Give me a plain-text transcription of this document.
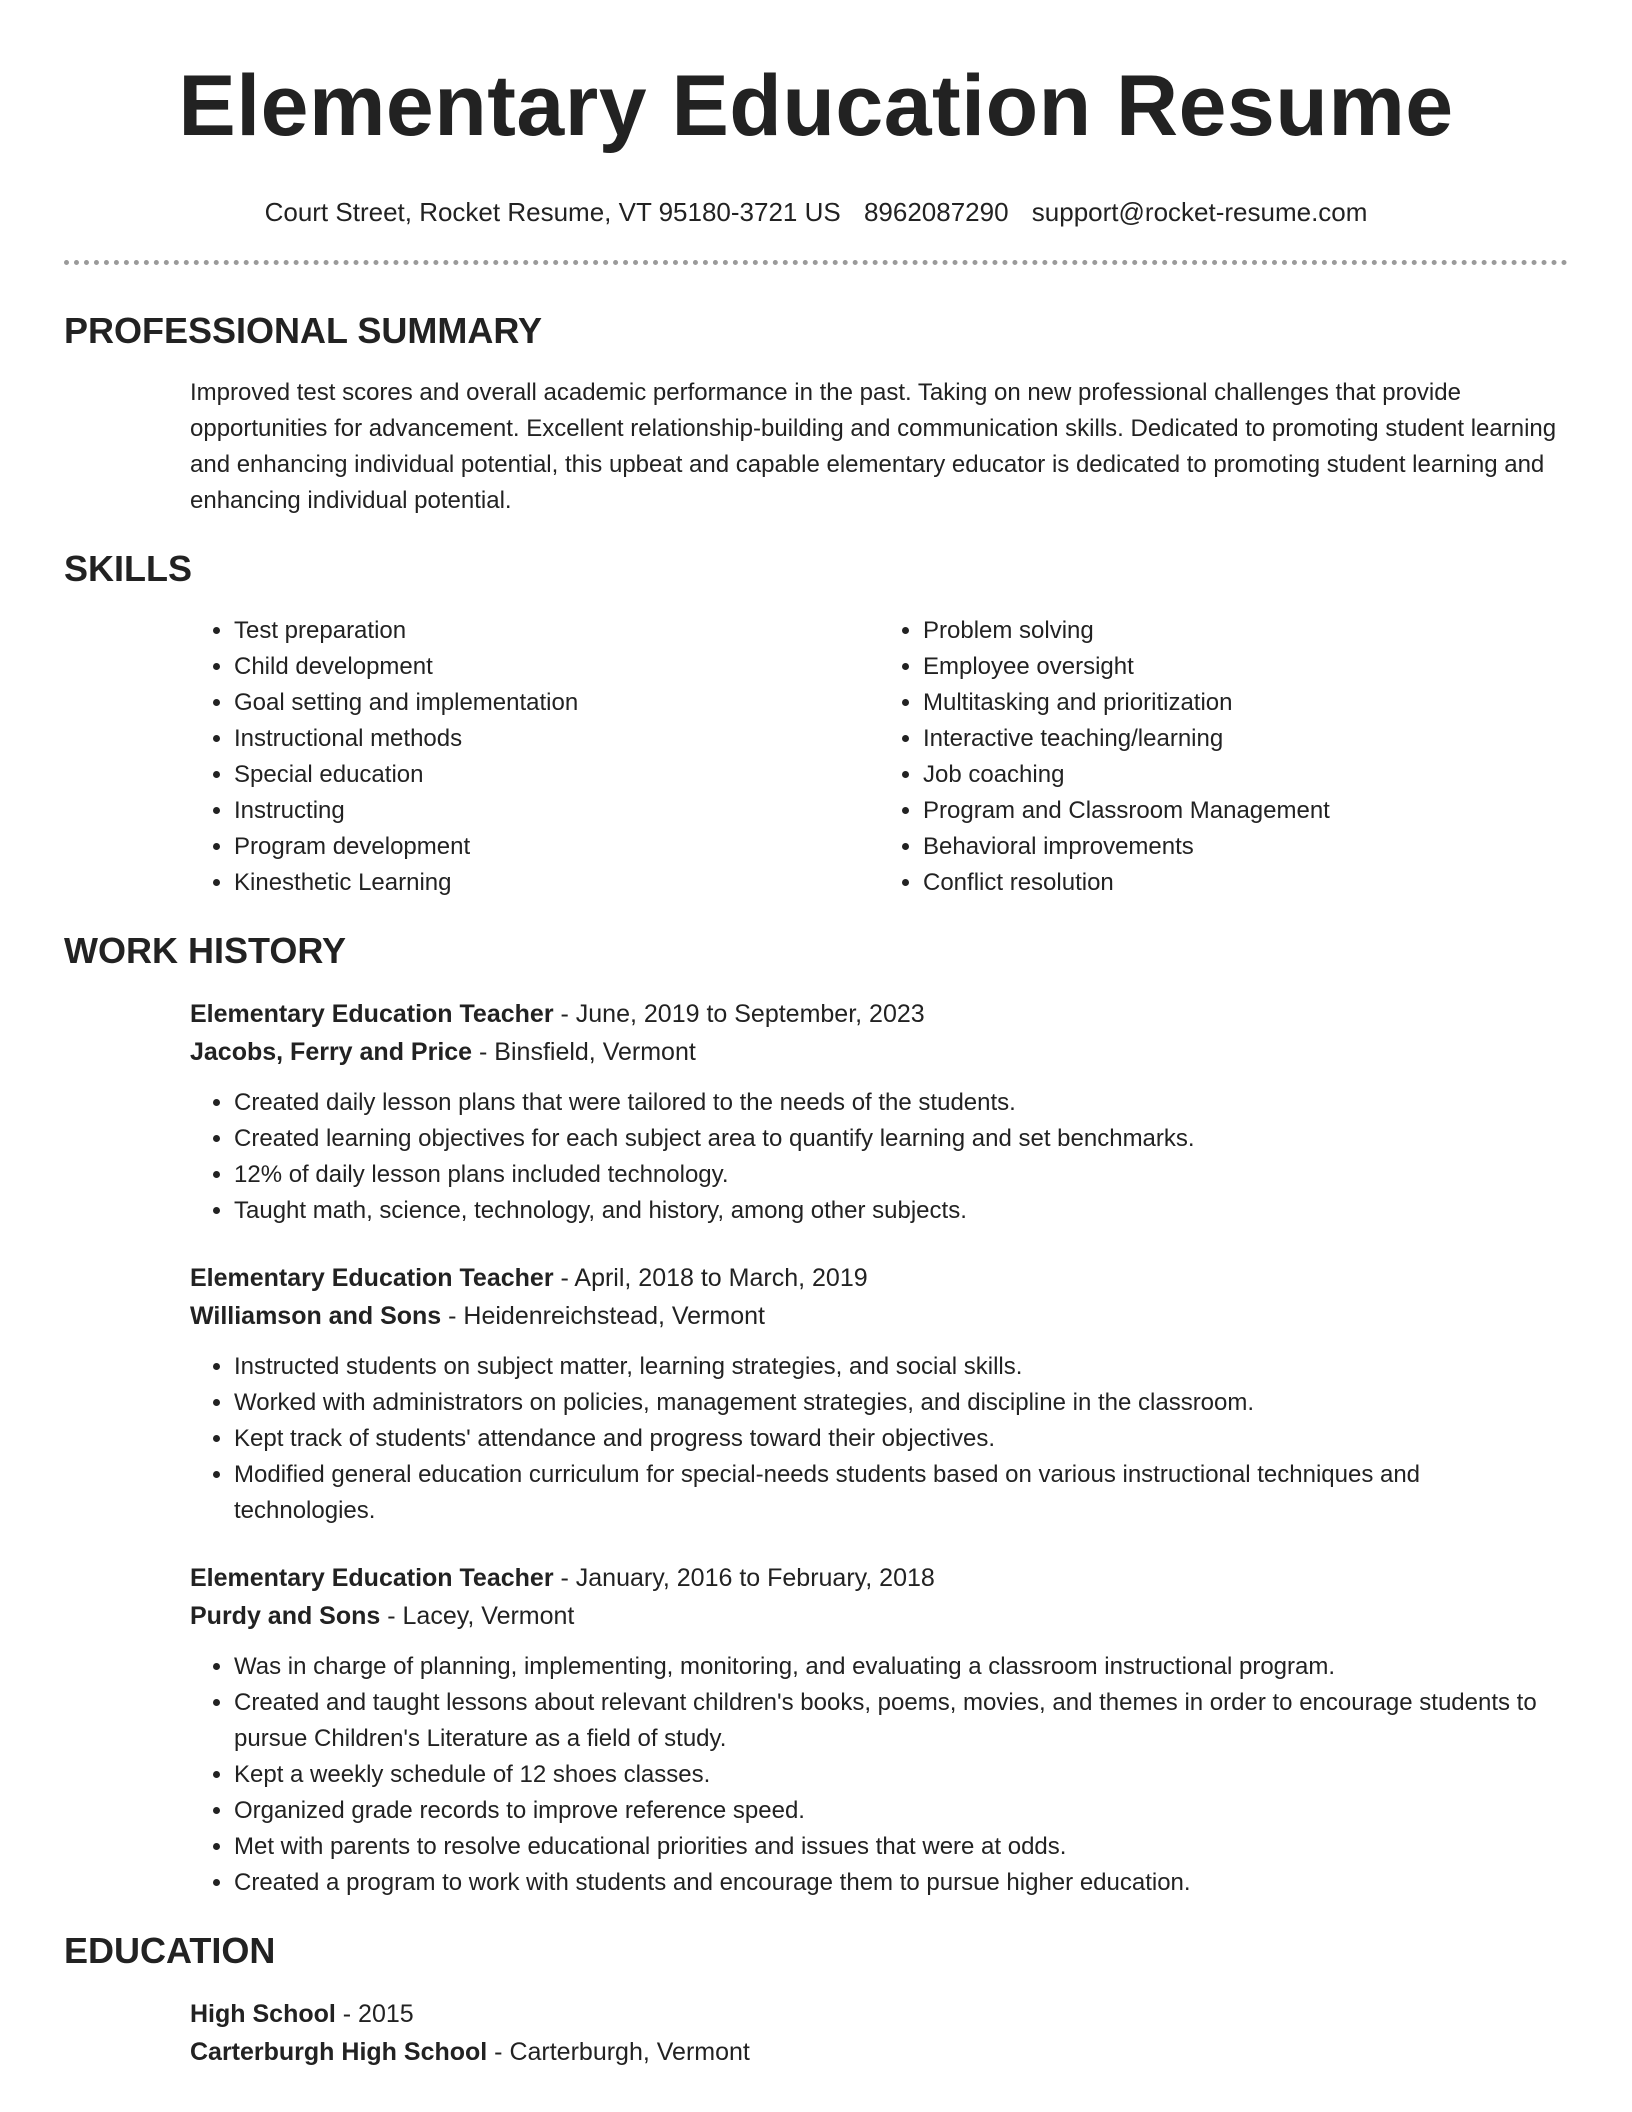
Elementary Education Resume
Court Street, Rocket Resume, VT 95180-3721 US 8962087290 support@rocket-resume.com
PROFESSIONAL SUMMARY
Improved test scores and overall academic performance in the past. Taking on new professional challenges that provide opportunities for advancement. Excellent relationship-building and communication skills. Dedicated to promoting student learning and enhancing individual potential, this upbeat and capable elementary educator is dedicated to promoting student learning and enhancing individual potential.
SKILLS
• Test preparation
• Child development
• Goal setting and implementation
• Instructional methods
• Special education
• Instructing
• Program development
• Kinesthetic Learning
• Problem solving
• Employee oversight
• Multitasking and prioritization
• Interactive teaching/learning
• Job coaching
• Program and Classroom Management
• Behavioral improvements
• Conflict resolution
WORK HISTORY
Elementary Education Teacher - June, 2019 to September, 2023
Jacobs, Ferry and Price - Binsfield, Vermont
• Created daily lesson plans that were tailored to the needs of the students.
• Created learning objectives for each subject area to quantify learning and set benchmarks.
• 12% of daily lesson plans included technology.
• Taught math, science, technology, and history, among other subjects.
Elementary Education Teacher - April, 2018 to March, 2019
Williamson and Sons - Heidenreichstead, Vermont
• Instructed students on subject matter, learning strategies, and social skills.
• Worked with administrators on policies, management strategies, and discipline in the classroom.
• Kept track of students' attendance and progress toward their objectives.
• Modified general education curriculum for special-needs students based on various instructional techniques and technologies.
Elementary Education Teacher - January, 2016 to February, 2018
Purdy and Sons - Lacey, Vermont
• Was in charge of planning, implementing, monitoring, and evaluating a classroom instructional program.
• Created and taught lessons about relevant children's books, poems, movies, and themes in order to encourage students to pursue Children's Literature as a field of study.
• Kept a weekly schedule of 12 shoes classes.
• Organized grade records to improve reference speed.
• Met with parents to resolve educational priorities and issues that were at odds.
• Created a program to work with students and encourage them to pursue higher education.
EDUCATION
High School - 2015
Carterburgh High School - Carterburgh, Vermont
